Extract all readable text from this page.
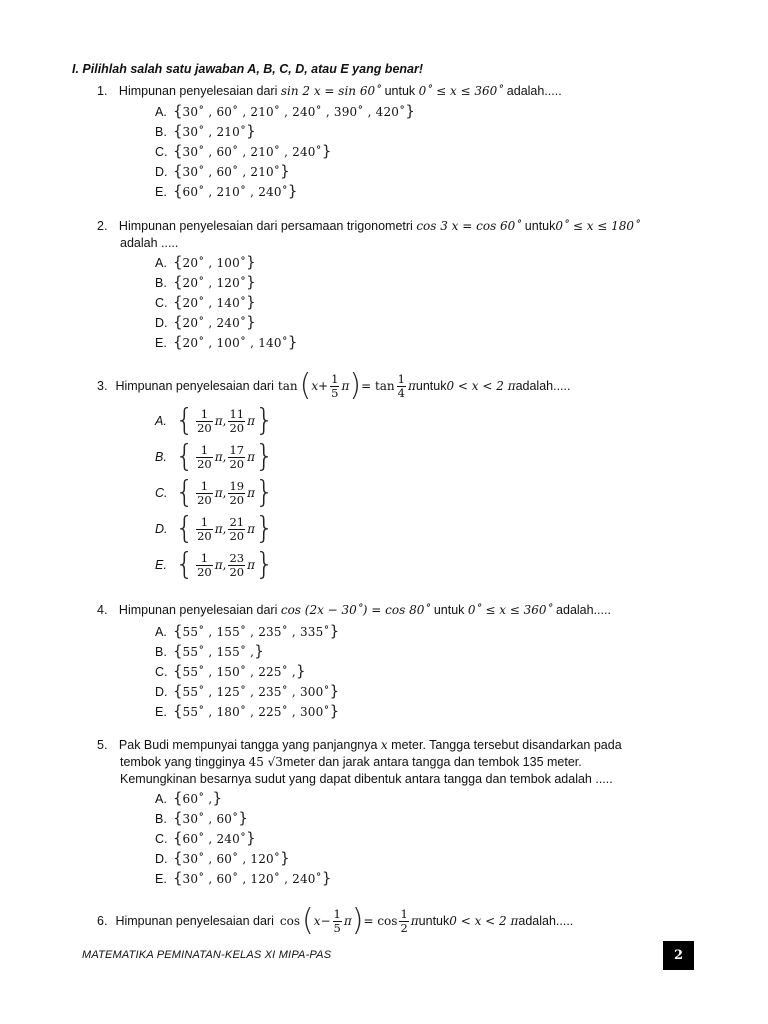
I. Pilihlah salah satu jawaban A, B, C, D, atau E yang benar!
1. Himpunan penyelesaian dari sin 2 x = sin 60˚ untuk 0˚ ≤ x ≤ 360˚ adalah.....
A. {30˚ , 60˚ , 210˚ , 240˚ , 390˚ , 420˚}
B. {30˚ , 210˚}
C. {30˚ , 60˚ , 210˚ , 240˚}
D. {30˚ , 60˚ , 210˚}
E. {60˚ , 210˚ , 240˚}
2. Himpunan penyelesaian dari persamaan trigonometri cos 3 x = cos 60˚ untuk0˚ ≤ x ≤ 180˚
adalah .....
A. {20˚ , 100˚}
B. {20˚ , 120˚}
C. {20˚ , 140˚}
D. {20˚ , 240˚}
E. {20˚ , 100˚ , 140˚}
3. Himpunan penyelesaian dari tan ( $x+ \frac{1}{5}$ π ) = $\tan \frac{1}{4}$ π untuk 0 < x < 2 π adalah.....
A. { $\frac{1}{20}$ π , $\frac{11}{20}$ π }
B. { $\frac{1}{20}$ π , $\frac{17}{20}$ π }
C. { $\frac{1}{20}$ π , $\frac{19}{20}$ π }
D. { $\frac{1}{20}$ π , $\frac{21}{20}$ π }
E. { $\frac{1}{20}$ π , $\frac{23}{20}$ π }
4. Himpunan penyelesaian dari cos (2x − 30˚) = cos 80˚ untuk 0˚ ≤ x ≤ 360˚ adalah.....
A. {55˚ , 155˚ , 235˚ , 335˚}
B. {55˚ , 155˚ ,}
C. {55˚ , 150˚ , 225˚ ,}
D. {55˚ , 125˚ , 235˚ , 300˚}
E. {55˚ , 180˚ , 225˚ , 300˚}
5. Pak Budi mempunyai tangga yang panjangnya x meter. Tangga tersebut disandarkan pada
tembok yang tingginya 45 √3meter dan jarak antara tangga dan tembok 135 meter.
Kemungkinan besarnya sudut yang dapat dibentuk antara tangga dan tembok adalah .....
A. {60˚ ,}
B. {30˚ , 60˚}
C. {60˚ , 240˚}
D. {30˚ , 60˚ , 120˚}
E. {30˚ , 60˚ , 120˚ , 240˚}
6. Himpunan penyelesaian dari cos ( $x- \frac{1}{5}$ π ) = $\cos \frac{1}{2}$ π untuk 0 < x < 2 π adalah.....
MATEMATIKA PEMINATAN-KELAS XI MIPA-PAS	2
